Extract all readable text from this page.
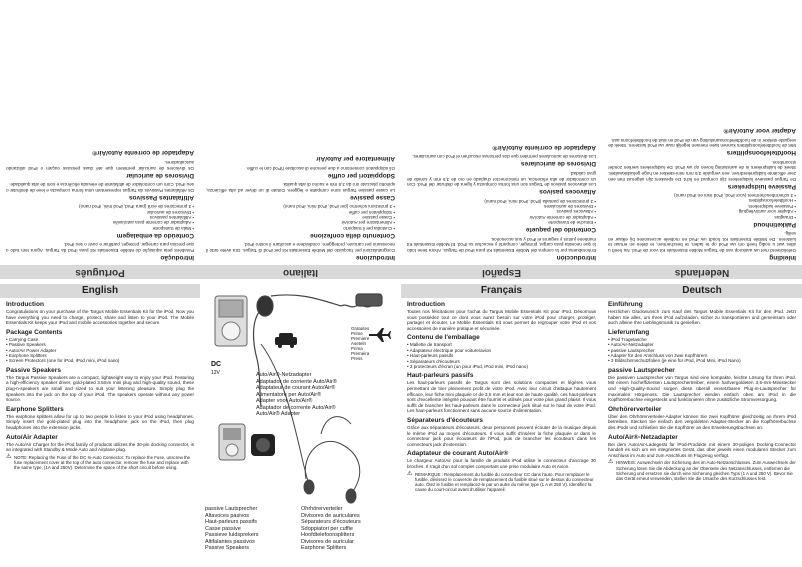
Português
Introdução
Parabéns pela aquisição do Mobile Essentials Kit para iPod da Targus. Agora tem tudo o que precisa para carregar, proteger, partilhar e ouvir o seu iPod.
Conteúdo da embalagem
• Mala de transporte
• Adaptador de corrente para auto/avião
• Altifalantes passivos
• Divisores de auricular
• 3 protectores de ecrã (para iPod, iPod mini, iPod nano)
Altifalantes Passivos
Os Altifalantes Passivos da Targus representam uma forma compacta e leve de desfrutar o seu iPod. Com um controlador de altifalante de elevada eficiência e som de alta qualidade.
Divisores de auricular
Os divisores de auricular permitem que até duas pessoas ouçam o iPod utilizando auscultadores.
Adaptador de corrente Auto/Air®
Italiano
Introduzione
Congratulazioni per l'acquisto del Mobile Essentials Kit per iPod di Targus. Ora avete tutto il necessario per caricare, proteggere, condividere e ascoltare il vostro iPod.
Contenuto della confezione
• Custodia per il trasporto
• Alimentatore per Auto/Air
• Casse passive
• Sdoppiatori per cuffie
• 3 protezioni schermo (per iPod, iPod mini, iPod nano)
Casse passive
Le casse passive Targus sono compatte e leggere. Dotate di un driver ad alta efficienza, spinotto placcato oro da 3,5 mm e suono di alta qualità.
Sdoppiatori per cuffie
Gli sdoppiatori consentono a due persone di ascoltare l'iPod con le cuffie.
Alimentatore per Auto/Air
Español
Introducción
Enhorabuena por la compra del Mobile Essentials Kit para iPod de Targus. Ahora tiene todo lo que necesita para cargar, proteger, compartir y escuchar su iPod. El Mobile Essentials Kit mantiene juntos y seguros el iPod y sus accesorios.
Contenido del paquete
• Estuche de transporte
• Adaptador de corriente Auto/Air
• Altavoces pasivos
• Divisores de auriculares
• 3 protectores de pantalla (iPod, iPod mini, iPod nano)
Altavoces pasivos
Los altavoces pasivos de Targus son una forma compacta y ligera de disfrutar del iPod. Con un controlador de alta eficiencia, un miniconector chapado en oro de 3,5 mm y sonido de gran calidad.
Divisores de auriculares
Los divisores de auriculares permiten que dos personas escuchen el iPod con auriculares.
Adaptador de corriente Auto/Air®
Nederlands
Inleiding
Gefeliciteerd met uw aankoop van de Targus Mobile Essentials Kit voor de iPod. Nu heeft u alles wat u nodig heeft om uw iPod op te laden, te beschermen, te delen en ernaar te luisteren. De Mobile Essentials Kit houdt uw iPod en mobiele accessoires bij elkaar en veilig.
Pakketinhoud
• Draagtas
• Adapter voor auto/vliegtuig
• Passieve luidsprekers
• Hoofdtelefoonsplitters
• 3 schermbeschermers (voor iPod, iPod mini en iPod nano)
Passieve luidsprekers
De Targus passieve luidsprekers zijn compact en licht. De speakers zijn uitgerust met een zeer efficiënte luidsprekerdriver, een vergulde 3,5 mm mini-stekker en hoge geluidskwaliteit. Steek de luidsprekers in de aansluiting boven op uw iPod. De luidsprekers werken zonder stroombron.
Hoofdtelefoonsplitters
Met de hoofdtelefoonsplitters kunnen twee mensen tegelijk naar uw iPod luisteren. Steek de vergulde stekker in de hoofdtelefoonaansluiting van de iPod en sluit de hoofdtelefoons aan.
Adapter voor Auto/Air®
English	Français	Deutsch
Introduction
Congratulations on your purchase of the Targus Mobile Essentials Kit for the iPod. Now you have everything you need to charge, protect, share and listen to your iPod. The Mobile Essentials Kit keeps your iPod and mobile accessories together and secure.
Package Contents
• Carrying Case
• Passive Speakers
• Auto/Air Power Adapter
• Earphone Splitters
• Screen Protectors (one for iPod, iPod mini, iPod nano)
Passive Speakers
The Targus Passive Speakers are a compact, lightweight way to enjoy your iPod. Featuring a high-efficiency speaker driver, gold-plated 3.5mm mini plug and high-quality sound, these plug-n-speakers are small and sized to suit your listening pleasure. Simply plug the speakers into the jack on the top of your iPod. The speakers operate without any power source.
Earphone Splitters
The earphone splitters allow for up to two people to listen to your iPod using headphones. Simply insert the gold-plated plug into the headphone jack on the iPod, then plug headphones into the extension jacks.
Auto/Air Adapter
The Auto/Air Charger for the iPod family of products utilizes the 30-pin docking connector, is an integrated with Standby & Mode Auto and Airplane plug.
⚠ NOTE: Replacing the Fuse of the DC In-Auto Connector: To replace the Fuse, unscrew the fuse replacement cover at the top of the auto connector, remove the fuse and replace with the same type, (1A and 250V). Determine the space of the short circuit before using.
DC
12V	Auto/Air®-Netzadapter
Adaptador de corriente Auto/Air®
Adaptateur de courant Auto/Air®
Alimentatore per Auto/Air®
Adapter voor Auto/Air®
Adaptador de corrente Auto/Air®
Auto/Air® Adapter
Gratuites
Prime
Premiere
Aseteln
Prima
Premeira
Press
passive Lautsprecher
Altavoces pasivos
Haut-parleurs passifs
Casse passive
Passieve luidsprekers
Altifalantes passivos
Passive Speakers
Ohrhörerverteiler
Divisores de auriculares
Séparateurs d'écouteurs
Sdoppiatori per cuffie
Hoofdtelefoonsplitters
Divisores de auricular
Earphone Splitters
Introduction
Toutes nos félicitations pour l'achat du Targus Mobile Essentials Kit pour iPod. Désormais vous possédez tout ce dont vous aurez besoin sur votre iPod pour charger, protéger, partager et écouter. Le Mobile Essentials Kit vous permet de regrouper votre iPod et vos accessoires de manière pratique et sécurisée.
Contenu de l'emballage
• Mallette de transport
• Adaptateur électrique pour voiture/avion
• Haut-parleurs passifs
• Séparateurs d'écouteurs
• 3 protecteurs d'écran (un pour iPod, iPod mini, iPod nano)
Haut-parleurs passifs
Les haut-parleurs passifs de Targus sont des solutions compactes et légères vous permettant de tirer pleinement profit de votre iPod. Avec leur circuit d'attaque hautement efficace, leur fiche mini plaquée or de 3,5 mm et leur son de haute qualité, ces haut-parleurs sont d'excellente intégrité pouvant être fournis et utilisés pour votre plus grand plaisir. Il vous suffit de brancher les haut-parleurs dans le connecteur jack situé sur le haut de votre iPod. Les haut-parleurs fonctionnent sans aucune source d'alimentation.
Séparateurs d'écouteurs
Grâce aux séparateurs d'écouteurs, deux personnes peuvent écouter de la musique depuis le même iPod au moyen d'écouteurs. Il vous suffit d'insérer la fiche plaquée or dans le connecteur jack pour écouteurs de l'iPod, puis de brancher les écouteurs dans les connecteurs jack d'extension.
Adaptateur de courant Auto/Air®
Le chargeur Auto/Air pour la famille de produits iPod utilise le connecteur d'ancrage 30 broches. Il s'agit d'un sol complet comportant une prise modulaire Auto et Avion.
⚠ REMARQUE : Remplacement du fusible du connecteur CC dans l'auto. Pour remplacer le fusible, dévissez le couvercle de remplacement du fusible situé sur le dessus du connecteur auto. Ôtez le fusible et remplacez-le par un autre du même type (1 A et 250 V). Identifiez la cause du court-circuit avant d'utiliser l'appareil.
Einführung
Herzlichen Glückwunsch zum Kauf des Targus Mobile Essentials Kit für den iPod. Jetzt haben Sie alles, um Ihren iPod aufzuladen, sicher zu transportieren und gemeinsam oder auch alleine Ihre Lieblingsmusik zu genießen.
Lieferumfang
• iPod Tragetasche
• Auto/Air-Netzadapter
• passive Lautsprecher
• Adapter für den Anschluss von zwei Kopfhörern
• 3 Bildschirmschutzfolien (je eine für iPod, iPod Mini, iPod Nano)
passive Lautsprecher
Die passiven Lautsprecher von Targus sind eine kompakte, leichte Lösung für Ihren iPod. Mit einem hocheffizienten Lautsprechertreiber, einem hartvergoldeten 3,5-mm-Ministecker und High-Quality-Sound sorgen diese überall einsetzbaren Plug-in-Lautsprecher für maximalen Hörgenuss. Die Lautsprecher werden einfach oben am iPod in die Kopfhörerbuchse eingesteckt und funktionieren ohne zusätzliche Stromversorgung.
Ohrhörerverteiler
Über den Ohrhörerverteiler-Adapter können Sie zwei Kopfhörer gleichzeitig an Ihrem iPod betreiben. Stecken Sie einfach den vergoldeten Adapter-Stecker an die Kopfhörerbuchse des iPods und schließen Sie die Kopfhörer an den Erweiterungsbuchsen an.
Auto/Air®-Netzadapter
Bei dem Auto/Air-Ladegerät für iPod-Produkte mit einem 30-poligen Docking-Connector handelt es sich um ein integriertes Gerät, das über jeweils einen modularen Stecker zum Anschluss im Auto und zum Anschluss im Flugzeug verfügt.
⚠ HINWEIS: Auswechseln der Sicherung des im Auto-Netzanschlusses. Zum Auswechseln der Sicherung lösen Sie die Abdeckung an der Oberseite des Netzanschlusses, entfernen die Sicherung und ersetzen sie durch eine Sicherung gleichen Typs (1 A und 250 V). Bevor Sie das Gerät erneut verwenden, stellen Sie die Ursache des Kurzschlusses fest.
